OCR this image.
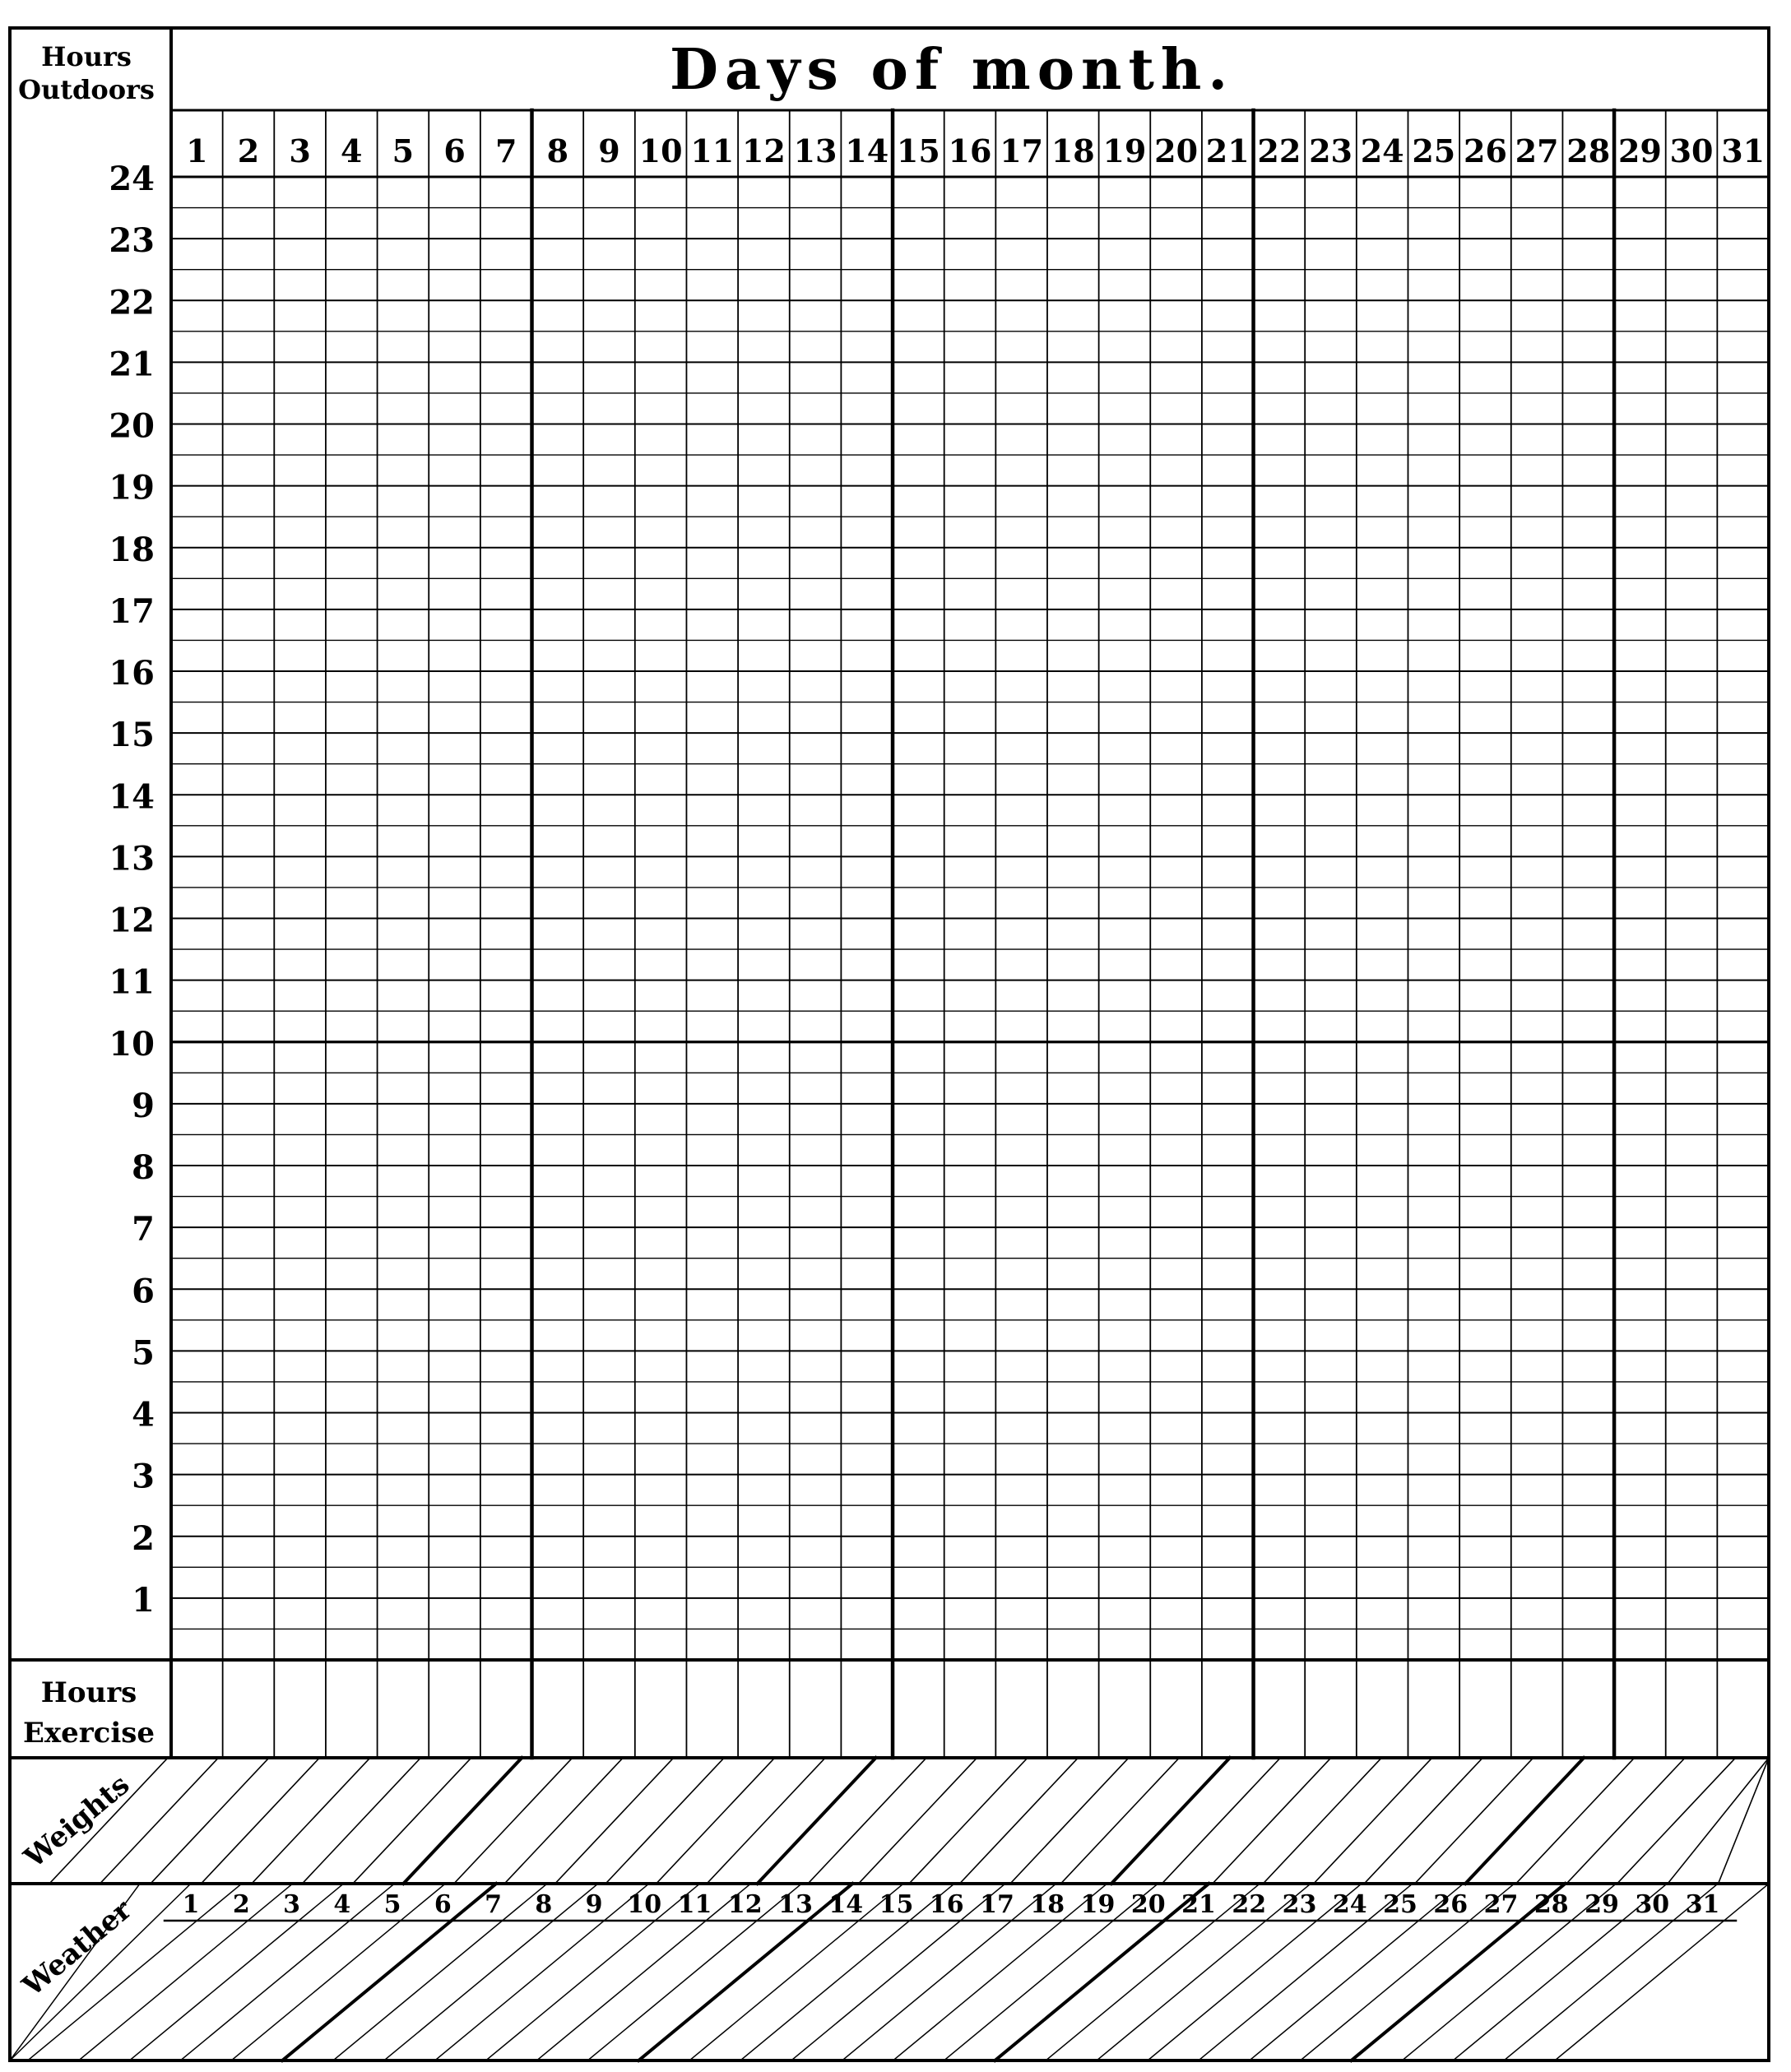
Hours
Outdoors	Days of month.
Hours
Exercise
Weights
Weather
1 2 3 4 5 6 7 8 9 10 11 12 13 14 15 16 17 18 19 20 21 22 23 24 25 26 27 28 29 30 31
24
23
22
21
20
19
18
17
16
15
14
13
12
11
10
9
8
7
6
5
4
3
2
1
1 2 3 4 5 6 7 8 9 10 11 12 13 14 15 16 17 18 19 20 21 22 23 24 25 26 27 28 29 30 31
